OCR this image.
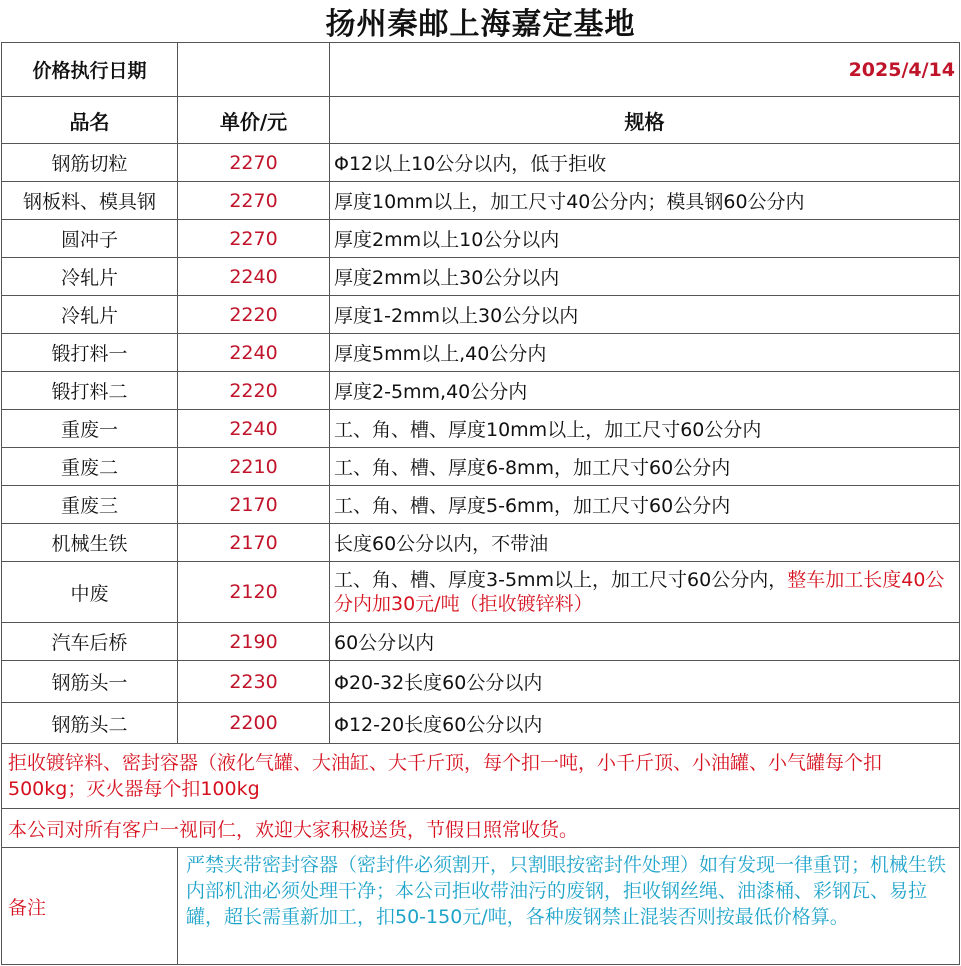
扬州秦邮上海嘉定基地
价格执行日期		2025/4/14
品名	单价/元	规格
钢筋切粒	2270	Φ12以上10公分以内，低于拒收
钢板料、模具钢	2270	厚度10mm以上，加工尺寸40公分内；模具钢60公分内
圆冲子	2270	厚度2mm以上10公分以内
冷轧片	2240	厚度2mm以上30公分以内
冷轧片	2220	厚度1-2mm以上30公分以内
锻打料一	2240	厚度5mm以上,40公分内
锻打料二	2220	厚度2-5mm,40公分内
重废一	2240	工、角、槽、厚度10mm以上，加工尺寸60公分内
重废二	2210	工、角、槽、厚度6-8mm，加工尺寸60公分内
重废三	2170	工、角、槽、厚度5-6mm，加工尺寸60公分内
机械生铁	2170	长度60公分以内，不带油
中废	2120	工、角、槽、厚度3-5mm以上，加工尺寸60公分内，整车加工长度40公分内加30元/吨（拒收镀锌料）
汽车后桥	2190	60公分以内
钢筋头一	2230	Φ20-32长度60公分以内
钢筋头二	2200	Φ12-20长度60公分以内
拒收镀锌料、密封容器（液化气罐、大油缸、大千斤顶，每个扣一吨，小千斤顶、小油罐、小气罐每个扣500kg；灭火器每个扣100kg		
本公司对所有客户一视同仁，欢迎大家积极送货，节假日照常收货。		
备注	严禁夹带密封容器（密封件必须割开，只割眼按密封件处理）如有发现一律重罚；机械生铁内部机油必须处理干净；本公司拒收带油污的废钢，拒收钢丝绳、油漆桶、彩钢瓦、易拉罐，超长需重新加工，扣50-150元/吨，各种废钢禁止混装否则按最低价格算。	
